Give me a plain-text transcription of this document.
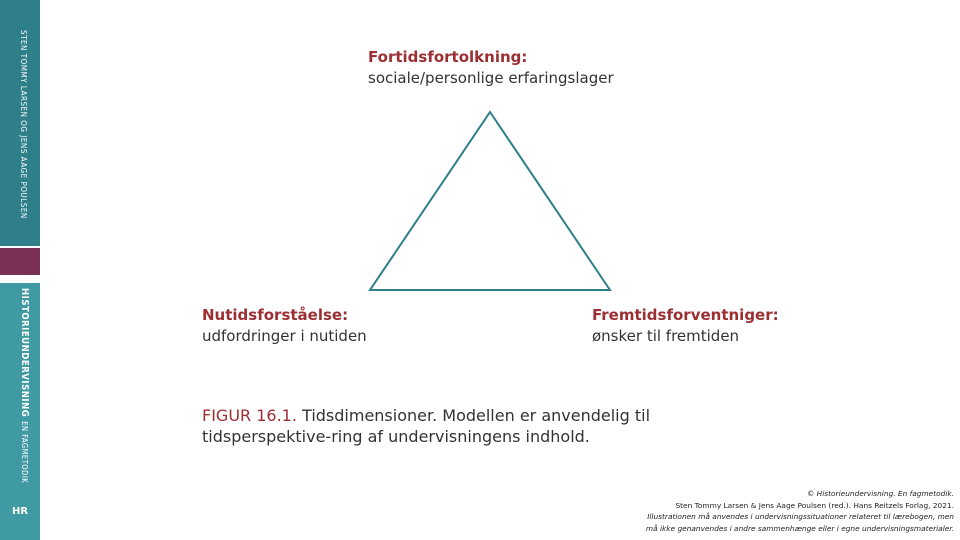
STEN TOMMY LARSEN OG JENS AAGE POULSEN
HISTORIEUNDERVISNINGEN FAGMETODIK
HR
Fortidsfortolkning:
sociale/personlige erfaringslager
Nutidsforståelse:
udfordringer i nutiden
Fremtidsforventniger:
ønsker til fremtiden
FIGUR 16.1. Tidsdimensioner. Modellen er anvendelig til tidsperspektive-ring af undervisningens indhold.
© Historieundervisning. En fagmetodik.
Sten Tommy Larsen & Jens Aage Poulsen (red.). Hans Reitzels Forlag, 2021.
Illustrationen må anvendes i undervisningssituationer relateret til lærebogen, men
må ikke genanvendes i andre sammenhænge eller i egne undervisningsmaterialer.
